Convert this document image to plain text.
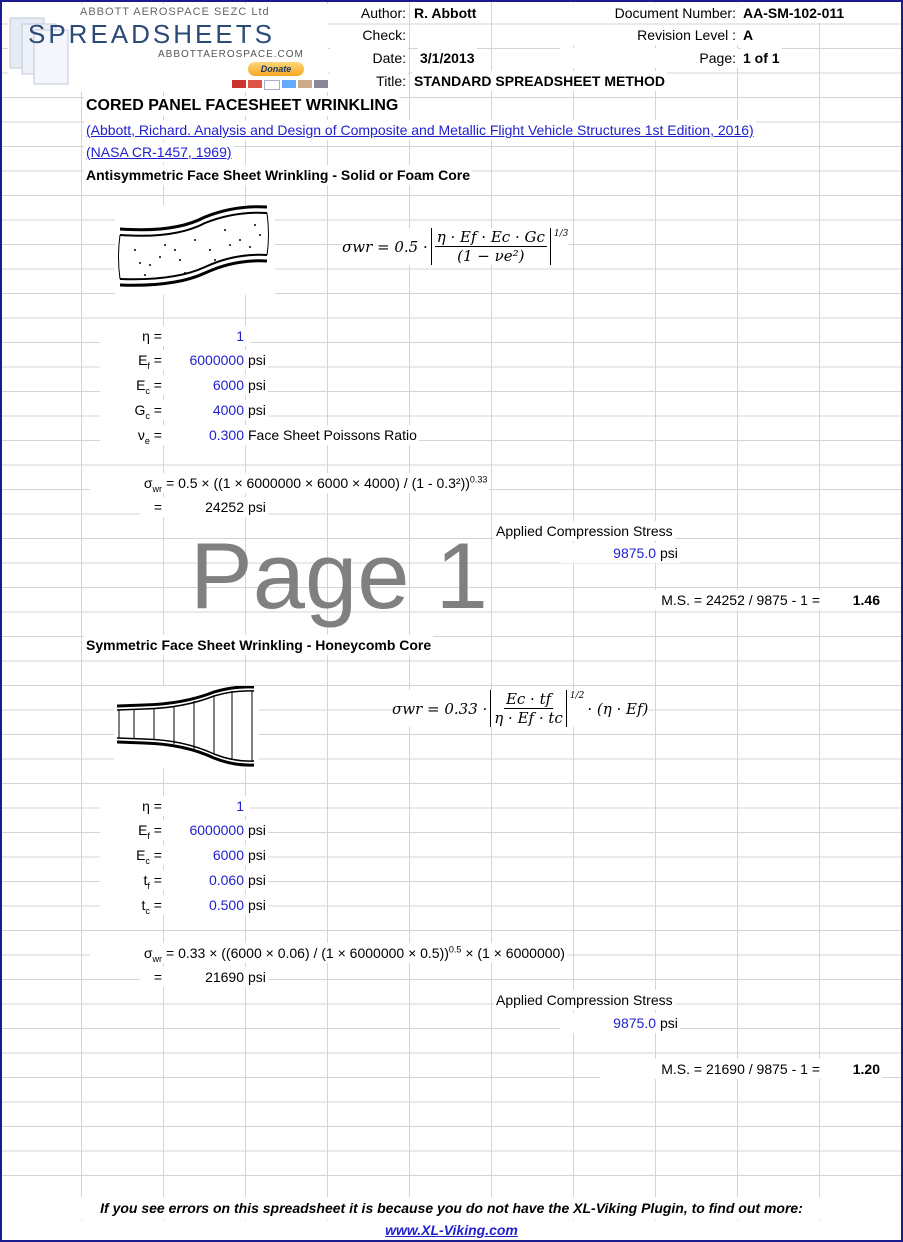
ABBOTT AEROSPACE SEZC Ltd
SPREADSHEETS
ABBOTTAEROSPACE.COM
Donate
Author: R. Abbott
Check:
Date: 3/1/2013
Title: STANDARD SPREADSHEET METHOD
Document Number: AA-SM-102-011
Revision Level : A
Page: 1 of 1
CORED PANEL FACESHEET WRINKLING
(Abbott, Richard. Analysis and Design of Composite and Metallic Flight Vehicle Structures 1st Edition, 2016)
(NASA CR-1457, 1969)
Antisymmetric Face Sheet Wrinkling - Solid or Foam Core
$\sigma wr = 0.5 \cdot \frac{\eta \cdot Ef \cdot Ec \cdot Gc}{\text{(1 − νe²)}} ^{1/3}$
η =	1
$E_f$ =	6000000 psi
$E_c$ =	6000 psi
$G_c$ =	4000 psi
$\nu_e$ =	0.300 Face Sheet Poissons Ratio
$\sigma_{wr} = 0.5 \times ((1 \times 6000000 \times 6000 \times 4000) / (1 - 0.3^2))^{0.33}$
=	24252 psi
Applied Compression Stress
9875.0 psi
Page 1	M.S. = 24252 / 9875 - 1 =	1.46
Symmetric Face Sheet Wrinkling - Honeycomb Core
$\sigma wr = 0.33 \cdot \frac{Ec \cdot tf}{\eta \cdot Ef \cdot tc} ^{1/2}$
· (η · Ef)
η =	1
$E_f$ =	6000000 psi
$E_c$ =	6000 psi
$t_f$ =	0.060 psi
$t_c$ =	0.500 psi
$\sigma_{wr} = 0.33 \times ((6000 \times 0.06) / (1 \times 6000000 \times 0.5))^{0.5} \times (1 \times 6000000)$
=	21690 psi
Applied Compression Stress
9875.0 psi
M.S. = 21690 / 9875 - 1 =	1.20
If you see errors on this spreadsheet it is because you do not have the XL-Viking Plugin, to find out more:
www.XL-Viking.com
